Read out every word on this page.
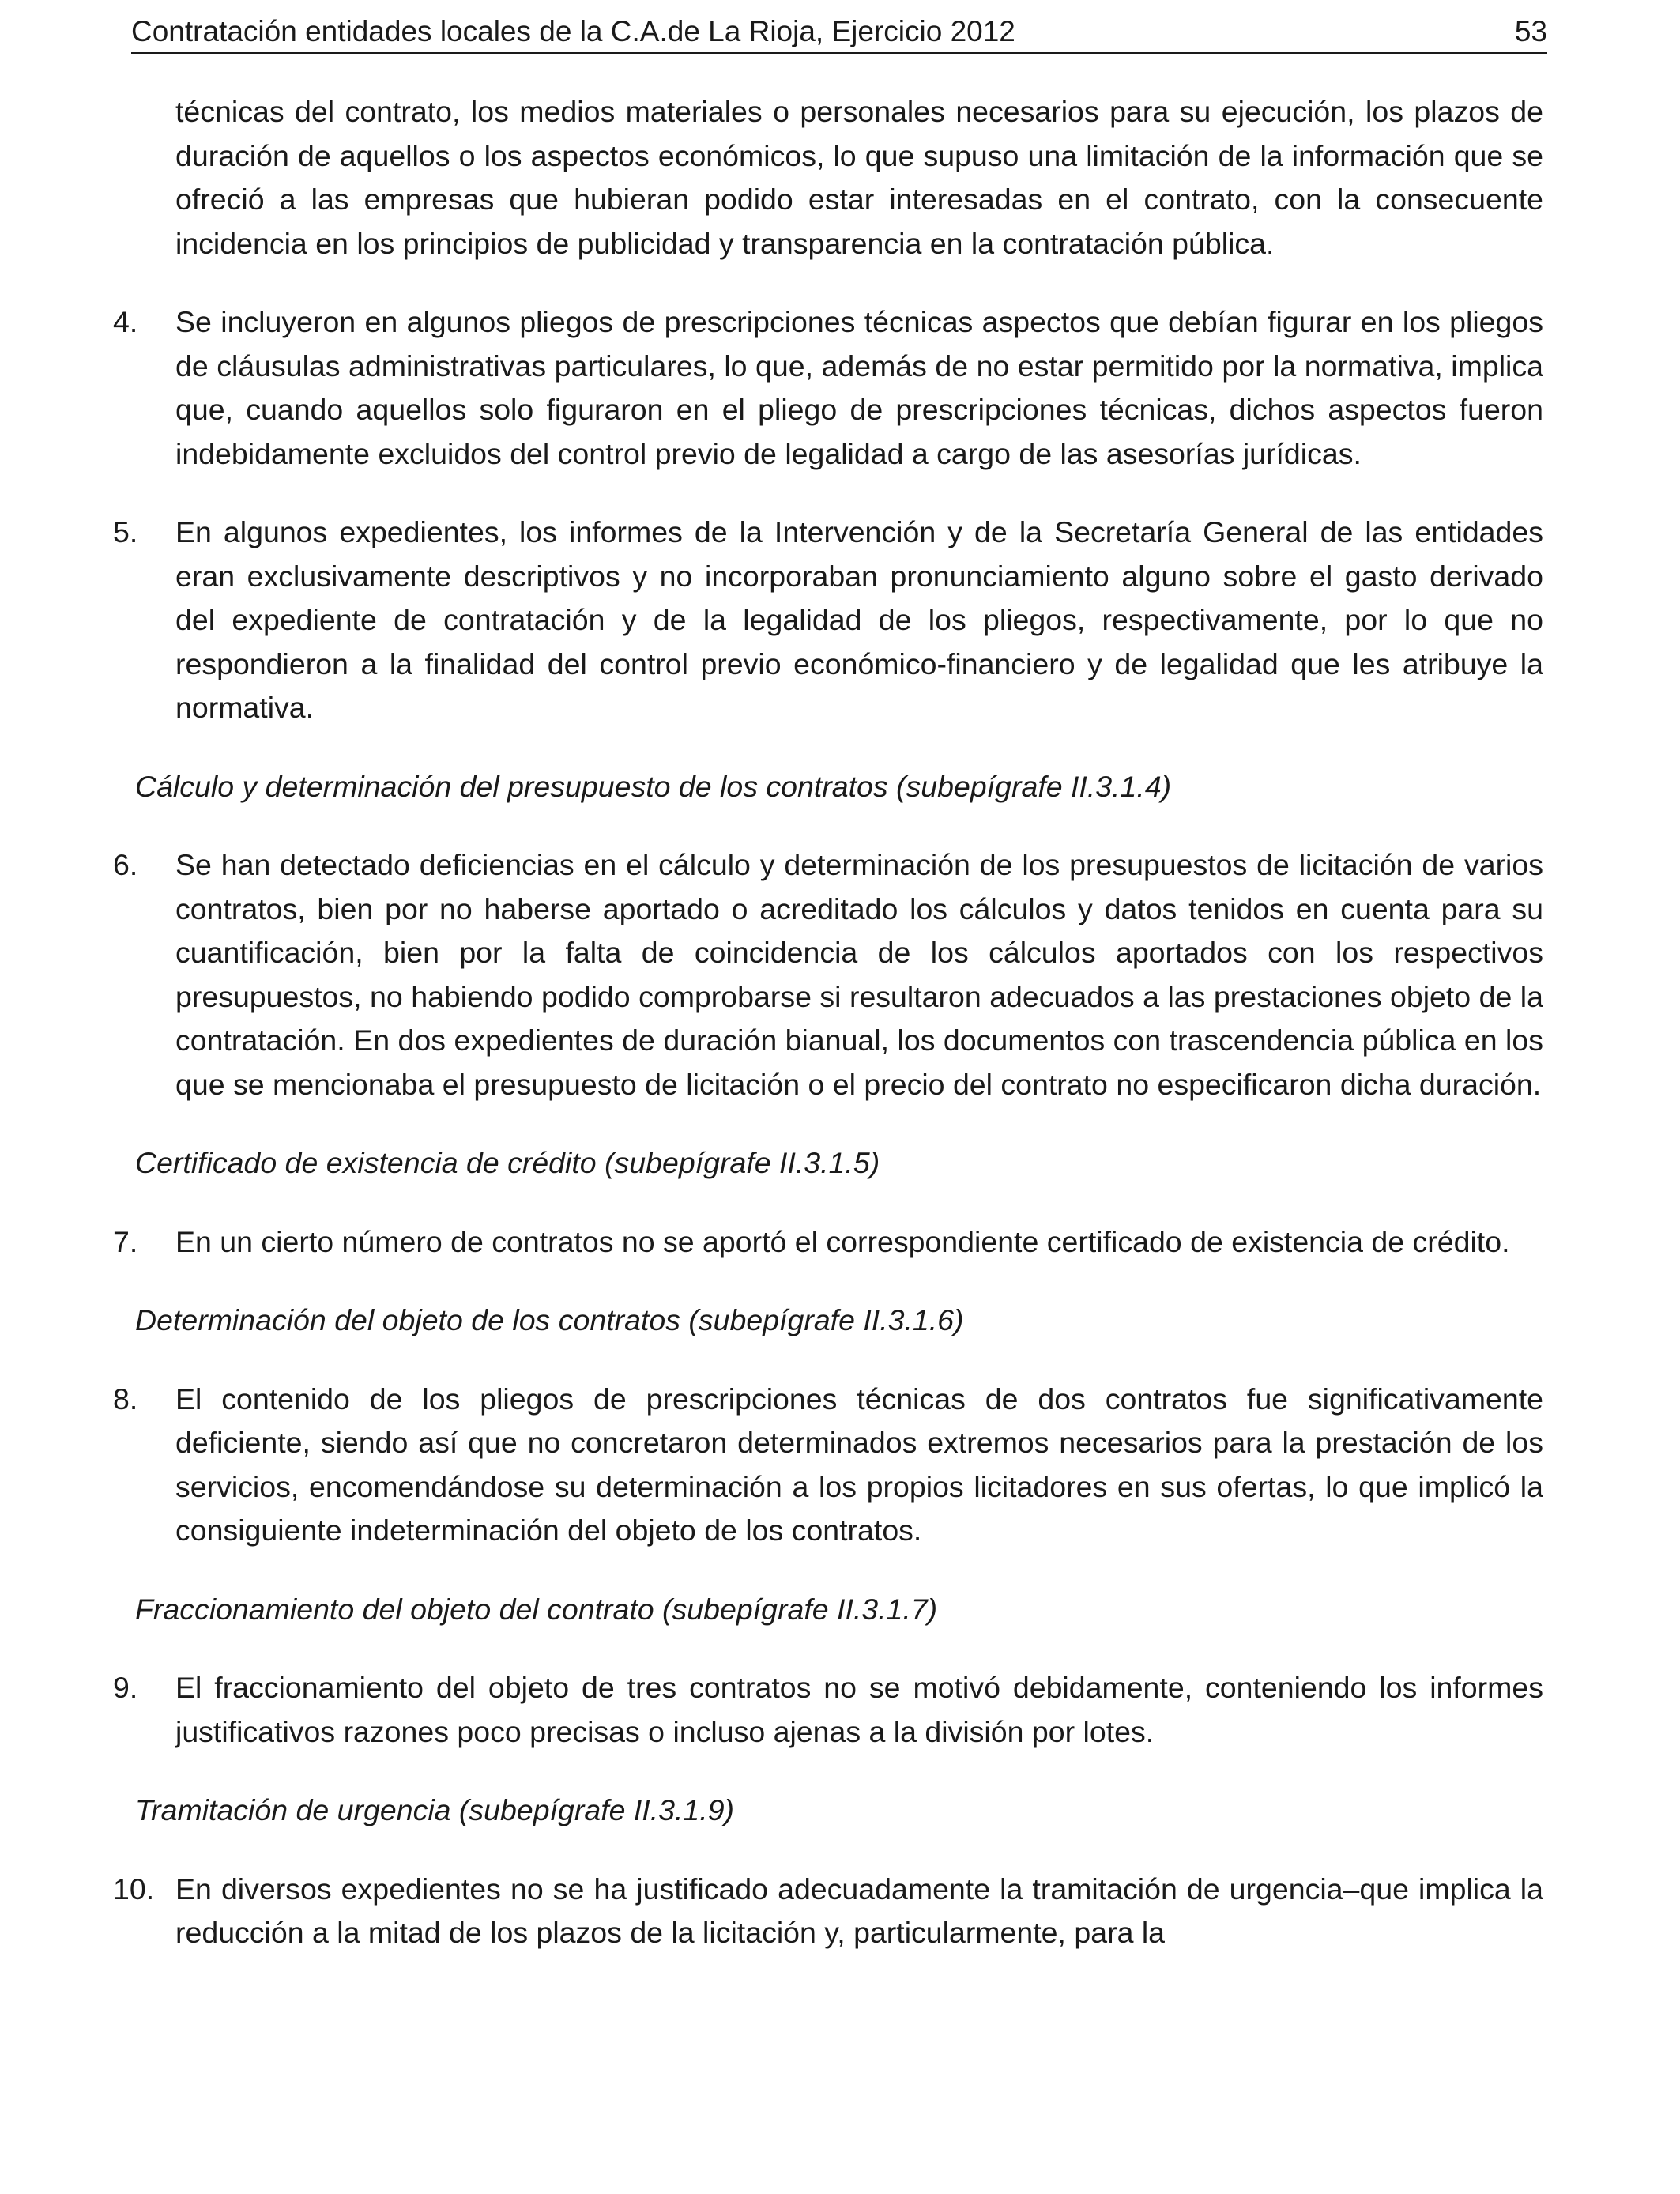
Contratación entidades locales de la C.A.de La Rioja, Ejercicio 2012	53

técnicas del contrato, los medios materiales o personales necesarios para su ejecución, los plazos de duración de aquellos o los aspectos económicos, lo que supuso una limitación de la información que se ofreció a las empresas que hubieran podido estar interesadas en el contrato, con la consecuente incidencia en los principios de publicidad y transparencia en la contratación pública.

4.	Se incluyeron en algunos pliegos de prescripciones técnicas aspectos que debían figurar en los pliegos de cláusulas administrativas particulares, lo que, además de no estar permitido por la normativa, implica que, cuando aquellos solo figuraron en el pliego de prescripciones técnicas, dichos aspectos fueron indebidamente excluidos del control previo de legalidad a cargo de las asesorías jurídicas.
5.	En algunos expedientes, los informes de la Intervención y de la Secretaría General de las entidades eran exclusivamente descriptivos y no incorporaban pronunciamiento alguno sobre el gasto derivado del expediente de contratación y de la legalidad de los pliegos, respectivamente, por lo que no respondieron a la finalidad del control previo económico-financiero y de legalidad que les atribuye la normativa.
Cálculo y determinación del presupuesto de los contratos (subepígrafe II.3.1.4)
6.	Se han detectado deficiencias en el cálculo y determinación de los presupuestos de licitación de varios contratos, bien por no haberse aportado o acreditado los cálculos y datos tenidos en cuenta para su cuantificación, bien por la falta de coincidencia de los cálculos aportados con los respectivos presupuestos, no habiendo podido comprobarse si resultaron adecuados a las prestaciones objeto de la contratación. En dos expedientes de duración bianual, los documentos con trascendencia pública en los que se mencionaba el presupuesto de licitación o el precio del contrato no especificaron dicha duración.
Certificado de existencia de crédito (subepígrafe II.3.1.5)
7.	En un cierto número de contratos no se aportó el correspondiente certificado de existencia de crédito.
Determinación del objeto de los contratos (subepígrafe II.3.1.6)
8.	El contenido de los pliegos de prescripciones técnicas de dos contratos fue significativamente deficiente, siendo así que no concretaron determinados extremos necesarios para la prestación de los servicios, encomendándose su determinación a los propios licitadores en sus ofertas, lo que implicó la consiguiente indeterminación del objeto de los contratos.
Fraccionamiento del objeto del contrato (subepígrafe II.3.1.7)
9.	El fraccionamiento del objeto de tres contratos no se motivó debidamente, conteniendo los informes justificativos razones poco precisas o incluso ajenas a la división por lotes.
Tramitación de urgencia (subepígrafe II.3.1.9)
10. En diversos expedientes no se ha justificado adecuadamente la tramitación de urgencia–que implica la reducción a la mitad de los plazos de la licitación y, particularmente, para la
